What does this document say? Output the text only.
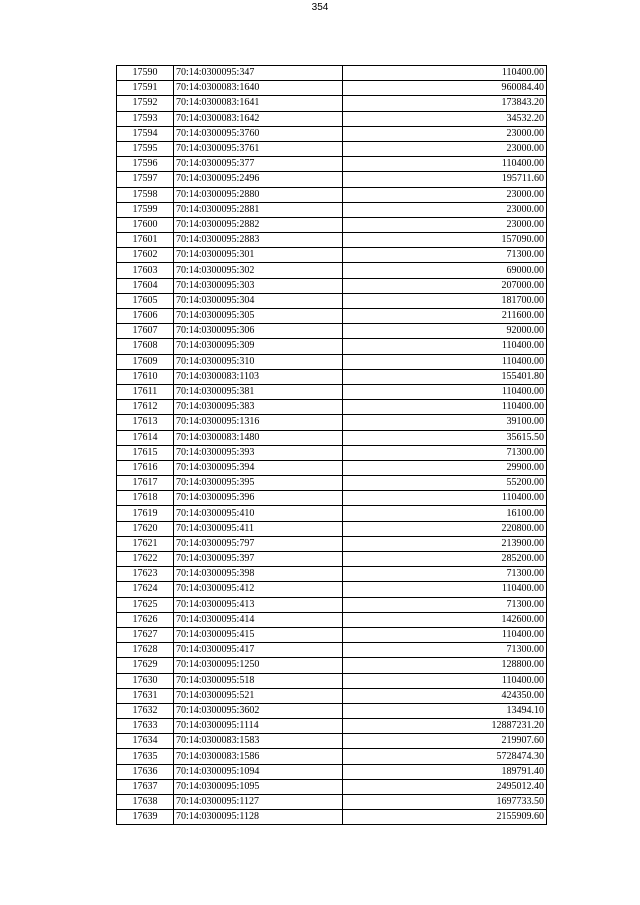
354
17590	70:14:0300095:347	110400.00
17591	70:14:0300083:1640	960084.40
17592	70:14:0300083:1641	173843.20
17593	70:14:0300083:1642	34532.20
17594	70:14:0300095:3760	23000.00
17595	70:14:0300095:3761	23000.00
17596	70:14:0300095:377	110400.00
17597	70:14:0300095:2496	195711.60
17598	70:14:0300095:2880	23000.00
17599	70:14:0300095:2881	23000.00
17600	70:14:0300095:2882	23000.00
17601	70:14:0300095:2883	157090.00
17602	70:14:0300095:301	71300.00
17603	70:14:0300095:302	69000.00
17604	70:14:0300095:303	207000.00
17605	70:14:0300095:304	181700.00
17606	70:14:0300095:305	211600.00
17607	70:14:0300095:306	92000.00
17608	70:14:0300095:309	110400.00
17609	70:14:0300095:310	110400.00
17610	70:14:0300083:1103	155401.80
17611	70:14:0300095:381	110400.00
17612	70:14:0300095:383	110400.00
17613	70:14:0300095:1316	39100.00
17614	70:14:0300083:1480	35615.50
17615	70:14:0300095:393	71300.00
17616	70:14:0300095:394	29900.00
17617	70:14:0300095:395	55200.00
17618	70:14:0300095:396	110400.00
17619	70:14:0300095:410	16100.00
17620	70:14:0300095:411	220800.00
17621	70:14:0300095:797	213900.00
17622	70:14:0300095:397	285200.00
17623	70:14:0300095:398	71300.00
17624	70:14:0300095:412	110400.00
17625	70:14:0300095:413	71300.00
17626	70:14:0300095:414	142600.00
17627	70:14:0300095:415	110400.00
17628	70:14:0300095:417	71300.00
17629	70:14:0300095:1250	128800.00
17630	70:14:0300095:518	110400.00
17631	70:14:0300095:521	424350.00
17632	70:14:0300095:3602	13494.10
17633	70:14:0300095:1114	12887231.20
17634	70:14:0300083:1583	219907.60
17635	70:14:0300083:1586	5728474.30
17636	70:14:0300095:1094	189791.40
17637	70:14:0300095:1095	2495012.40
17638	70:14:0300095:1127	1697733.50
17639	70:14:0300095:1128	2155909.60
